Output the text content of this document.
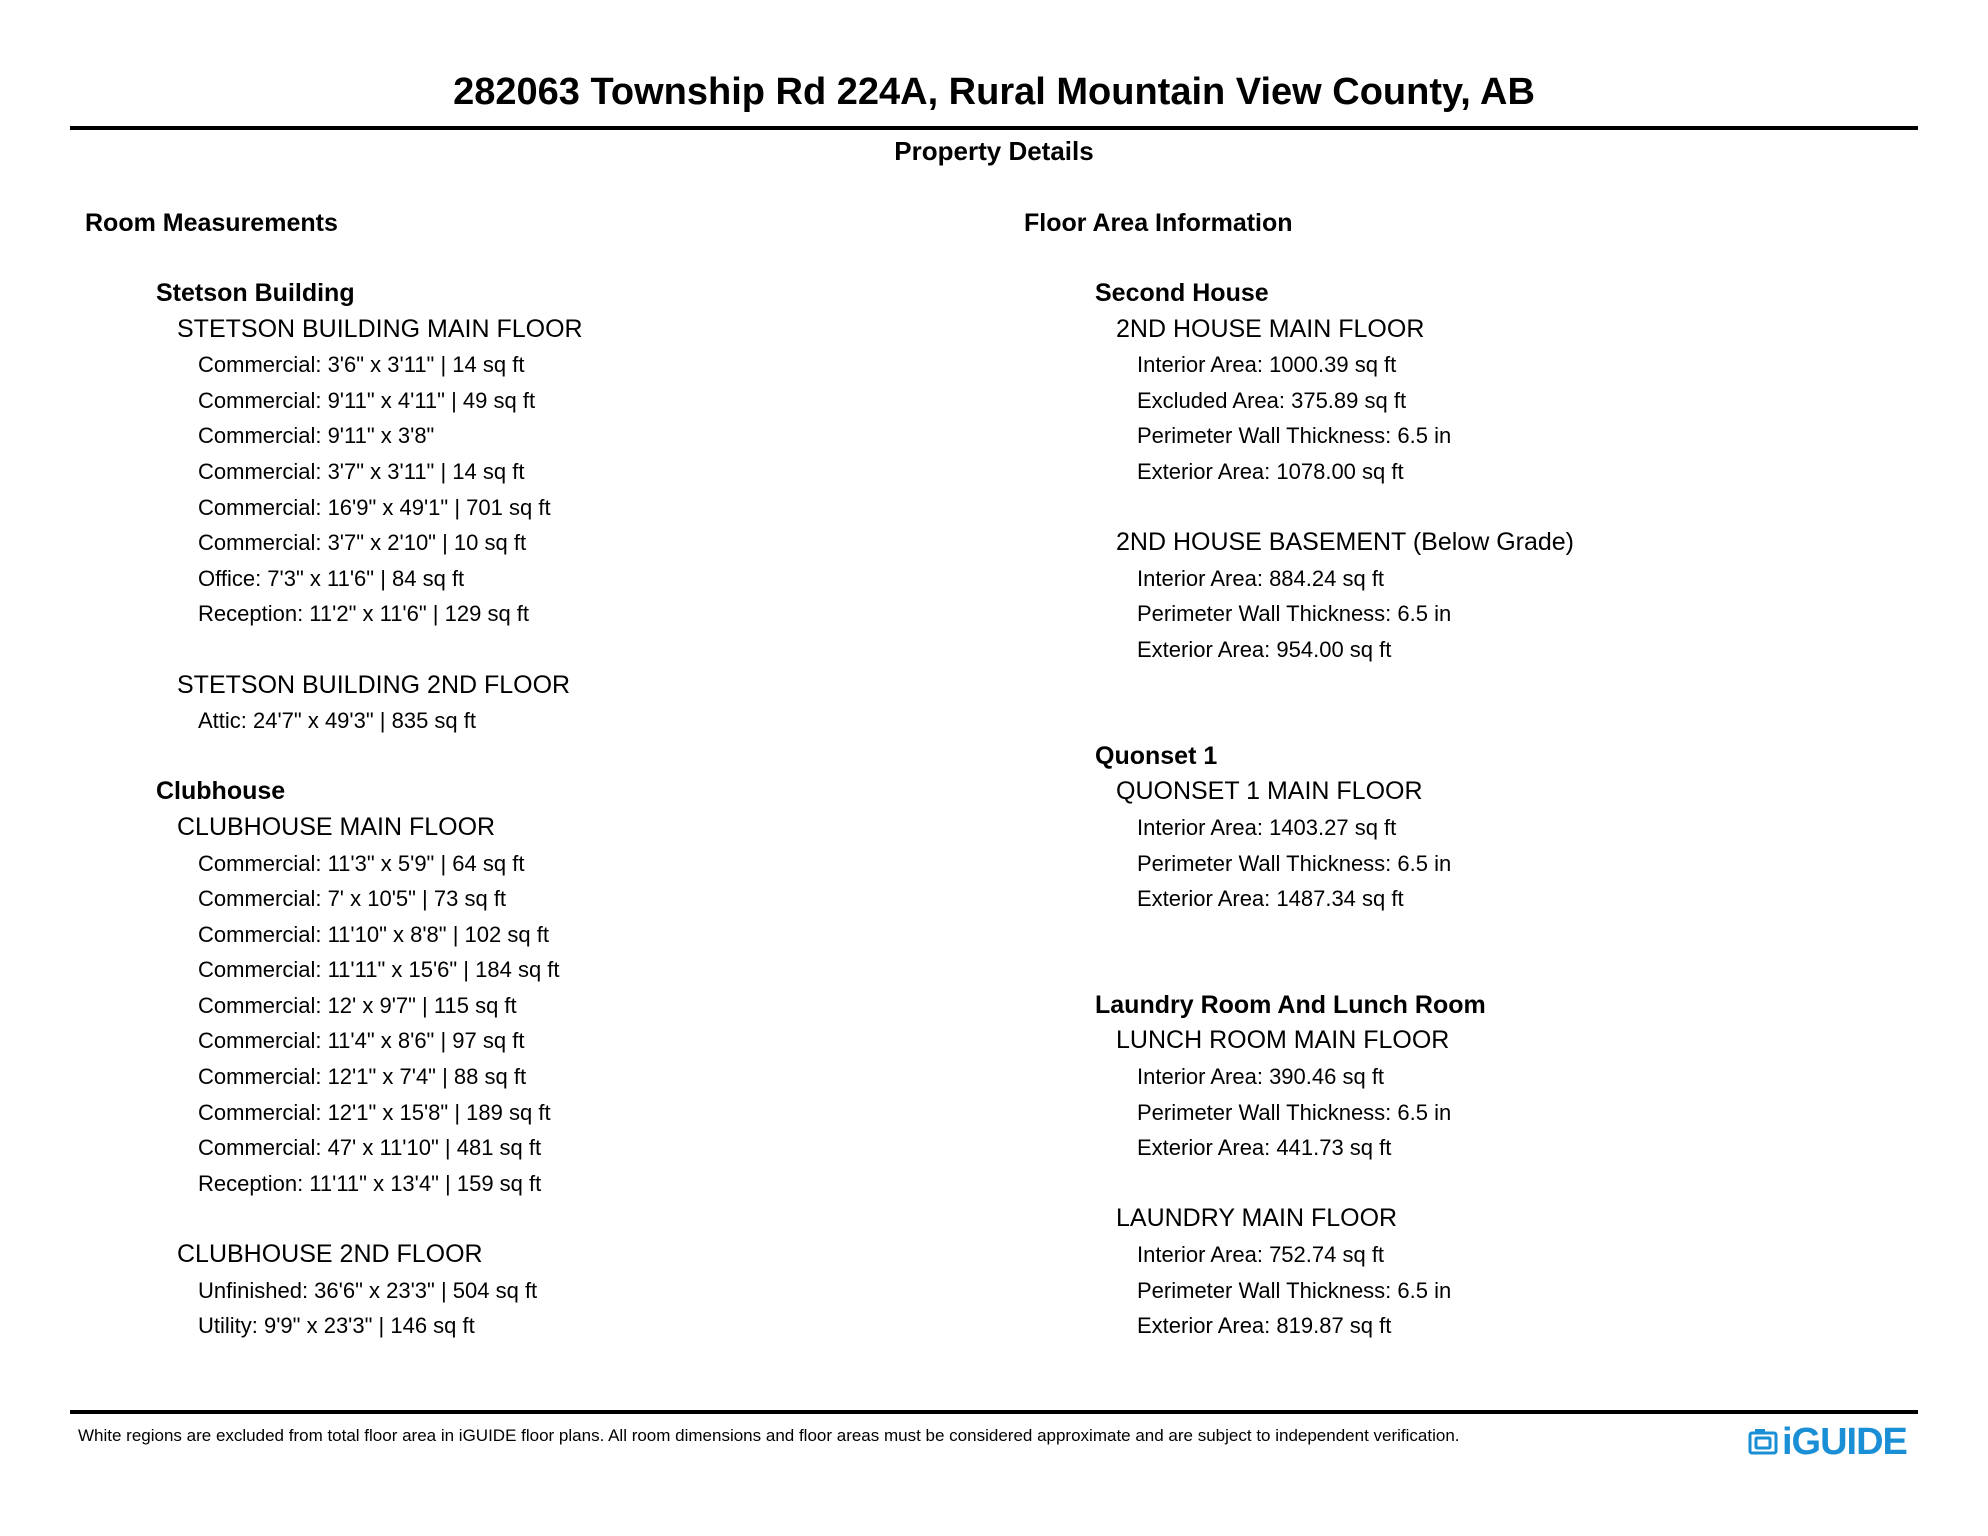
282063 Township Rd 224A, Rural Mountain View County, AB
Property Details
Room Measurements
Stetson Building
STETSON BUILDING MAIN FLOOR
Commercial: 3'6" x 3'11" | 14 sq ft
Commercial: 9'11" x 4'11" | 49 sq ft
Commercial: 9'11" x 3'8"
Commercial: 3'7" x 3'11" | 14 sq ft
Commercial: 16'9" x 49'1" | 701 sq ft
Commercial: 3'7" x 2'10" | 10 sq ft
Office: 7'3" x 11'6" | 84 sq ft
Reception: 11'2" x 11'6" | 129 sq ft
STETSON BUILDING 2ND FLOOR
Attic: 24'7" x 49'3" | 835 sq ft
Clubhouse
CLUBHOUSE MAIN FLOOR
Commercial: 11'3" x 5'9" | 64 sq ft
Commercial: 7' x 10'5" | 73 sq ft
Commercial: 11'10" x 8'8" | 102 sq ft
Commercial: 11'11" x 15'6" | 184 sq ft
Commercial: 12' x 9'7" | 115 sq ft
Commercial: 11'4" x 8'6" | 97 sq ft
Commercial: 12'1" x 7'4" | 88 sq ft
Commercial: 12'1" x 15'8" | 189 sq ft
Commercial: 47' x 11'10" | 481 sq ft
Reception: 11'11" x 13'4" | 159 sq ft
CLUBHOUSE 2ND FLOOR
Unfinished: 36'6" x 23'3" | 504 sq ft
Utility: 9'9" x 23'3" | 146 sq ft
Floor Area Information
Second House
2ND HOUSE MAIN FLOOR
Interior Area: 1000.39 sq ft
Excluded Area: 375.89 sq ft
Perimeter Wall Thickness: 6.5 in
Exterior Area: 1078.00 sq ft
2ND HOUSE BASEMENT (Below Grade)
Interior Area: 884.24 sq ft
Perimeter Wall Thickness: 6.5 in
Exterior Area: 954.00 sq ft
Quonset 1
QUONSET 1 MAIN FLOOR
Interior Area: 1403.27 sq ft
Perimeter Wall Thickness: 6.5 in
Exterior Area: 1487.34 sq ft
Laundry Room And Lunch Room
LUNCH ROOM MAIN FLOOR
Interior Area: 390.46 sq ft
Perimeter Wall Thickness: 6.5 in
Exterior Area: 441.73 sq ft
LAUNDRY MAIN FLOOR
Interior Area: 752.74 sq ft
Perimeter Wall Thickness: 6.5 in
Exterior Area: 819.87 sq ft
White regions are excluded from total floor area in iGUIDE floor plans. All room dimensions and floor areas must be considered approximate and are subject to independent verification.	iGUIDE
